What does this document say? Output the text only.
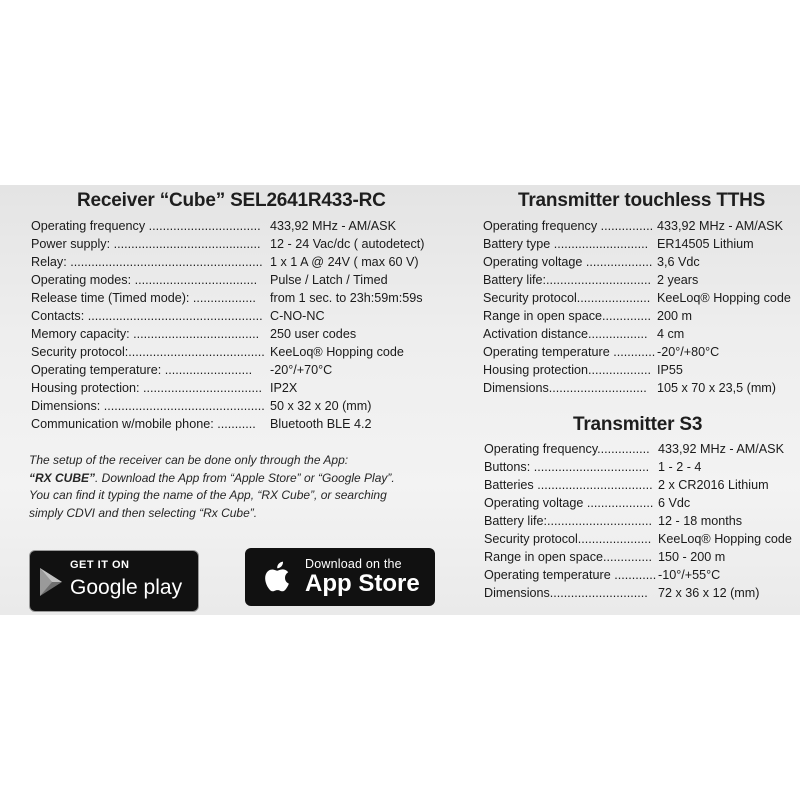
Receiver “Cube” SEL2641R433-RC
Operating frequency ................................ 433,92 MHz - AM/ASK
Power supply: .......................................... 12 - 24 Vac/dc ( autodetect)
Relay: ....................................................... 1 x 1 A @ 24V ( max 60 V)
Operating modes: ................................... Pulse / Latch / Timed
Release time (Timed mode): .................. from 1 sec. to 23h:59m:59s
Contacts: .................................................. C-NO-NC
Memory capacity: .................................... 250 user codes
Security protocol:....................................... KeeLoq® Hopping code
Operating temperature: ......................... -20°/+70°C
Housing protection: .................................. IP2X
Dimensions: .............................................. 50 x 32 x 20 (mm)
Communication w/mobile phone: ........... Bluetooth BLE 4.2
The setup of the receiver can be done only through the App:
“RX CUBE”. Download the App from “Apple Store” or “Google Play”.
You can find it typing the name of the App, “RX Cube”, or searching
simply CDVI and then selecting “Rx Cube”.
GET IT ON
Google play
Download on the
App Store
Transmitter touchless TTHS
Operating frequency ............... 433,92 MHz - AM/ASK
Battery type ........................... ER14505 Lithium
Operating voltage ................... 3,6 Vdc
Battery life:.............................. 2 years
Security protocol..................... KeeLoq® Hopping code
Range in open space.............. 200 m
Activation distance................. 4 cm
Operating temperature ............ -20°/+80°C
Housing protection.................. IP55
Dimensions............................ 105 x 70 x 23,5 (mm)
Transmitter S3
Operating frequency............... 433,92 MHz - AM/ASK
Buttons: ................................. 1 - 2 - 4
Batteries ................................. 2 x CR2016 Lithium
Operating voltage ................... 6 Vdc
Battery life:.............................. 12 - 18 months
Security protocol..................... KeeLoq® Hopping code
Range in open space.............. 150 - 200 m
Operating temperature ............ -10°/+55°C
Dimensions............................ 72 x 36 x 12 (mm)
